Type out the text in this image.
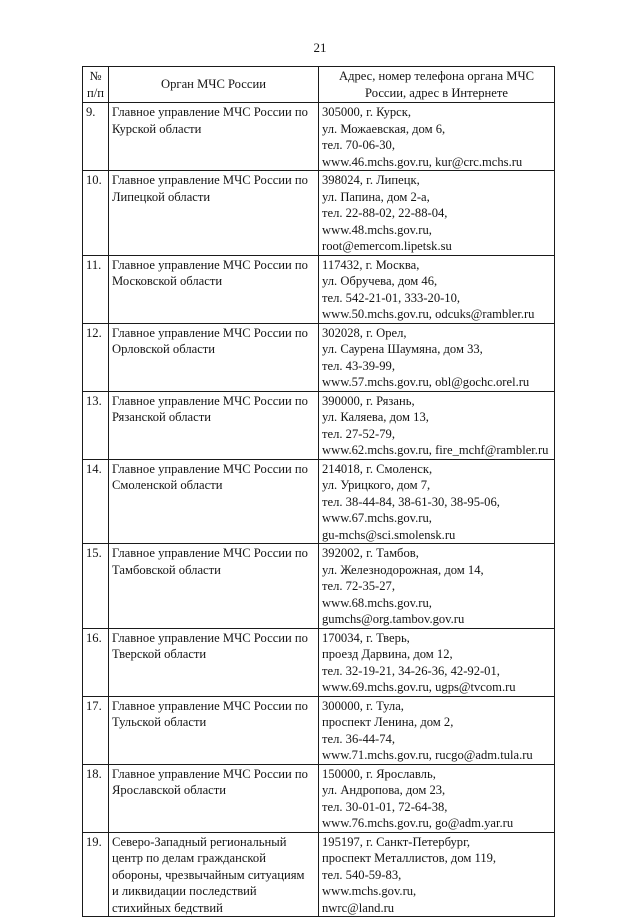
21
№ п/п	Орган МЧС России	Адрес, номер телефона органа МЧС России, адрес в Интернете
9.	Главное управление МЧС России по Курской области	305000, г. Курск,
ул. Можаевская, дом 6,
тел. 70-06-30,
www.46.mchs.gov.ru, kur@crc.mchs.ru

10.	Главное управление МЧС России по Липецкой области	398024, г. Липецк,
ул. Папина, дом 2-а,
тел. 22-88-02, 22-88-04,
www.48.mchs.gov.ru,
root@emercom.lipetsk.su

11.	Главное управление МЧС России по Московской области	117432, г. Москва,
ул. Обручева, дом 46,
тел. 542-21-01, 333-20-10,
www.50.mchs.gov.ru, odcuks@rambler.ru

12.	Главное управление МЧС России по Орловской области	302028, г. Орел,
ул. Саурена Шаумяна, дом 33,
тел. 43-39-99,
www.57.mchs.gov.ru, obl@gochc.orel.ru

13.	Главное управление МЧС России по Рязанской области	390000, г. Рязань,
ул. Каляева, дом 13,
тел. 27-52-79,
www.62.mchs.gov.ru, fire_mchf@rambler.ru

14.	Главное управление МЧС России по Смоленской области	214018, г. Смоленск,
ул. Урицкого, дом 7,
тел. 38-44-84, 38-61-30, 38-95-06,
www.67.mchs.gov.ru,
gu-mchs@sci.smolensk.ru

15.	Главное управление МЧС России по Тамбовской области	392002, г. Тамбов,
ул. Железнодорожная, дом 14,
тел. 72-35-27,
www.68.mchs.gov.ru,
gumchs@org.tambov.gov.ru

16.	Главное управление МЧС России по Тверской области	170034, г. Тверь,
проезд Дарвина, дом 12,
тел. 32-19-21, 34-26-36, 42-92-01,
www.69.mchs.gov.ru, ugps@tvcom.ru

17.	Главное управление МЧС России по Тульской области	300000, г. Тула,
проспект Ленина, дом 2,
тел. 36-44-74,
www.71.mchs.gov.ru, rucgo@adm.tula.ru

18.	Главное управление МЧС России по Ярославской области	150000, г. Ярославль,
ул. Андропова, дом 23,
тел. 30-01-01, 72-64-38,
www.76.mchs.gov.ru, go@adm.yar.ru

19.	Северо-Западный региональный
центр по делам гражданской
обороны, чрезвычайным ситуациям
и ликвидации последствий
стихийных бедствий	195197, г. Санкт-Петербург,
проспект Металлистов, дом 119,
тел. 540-59-83,
www.mchs.gov.ru,
nwrc@land.ru
